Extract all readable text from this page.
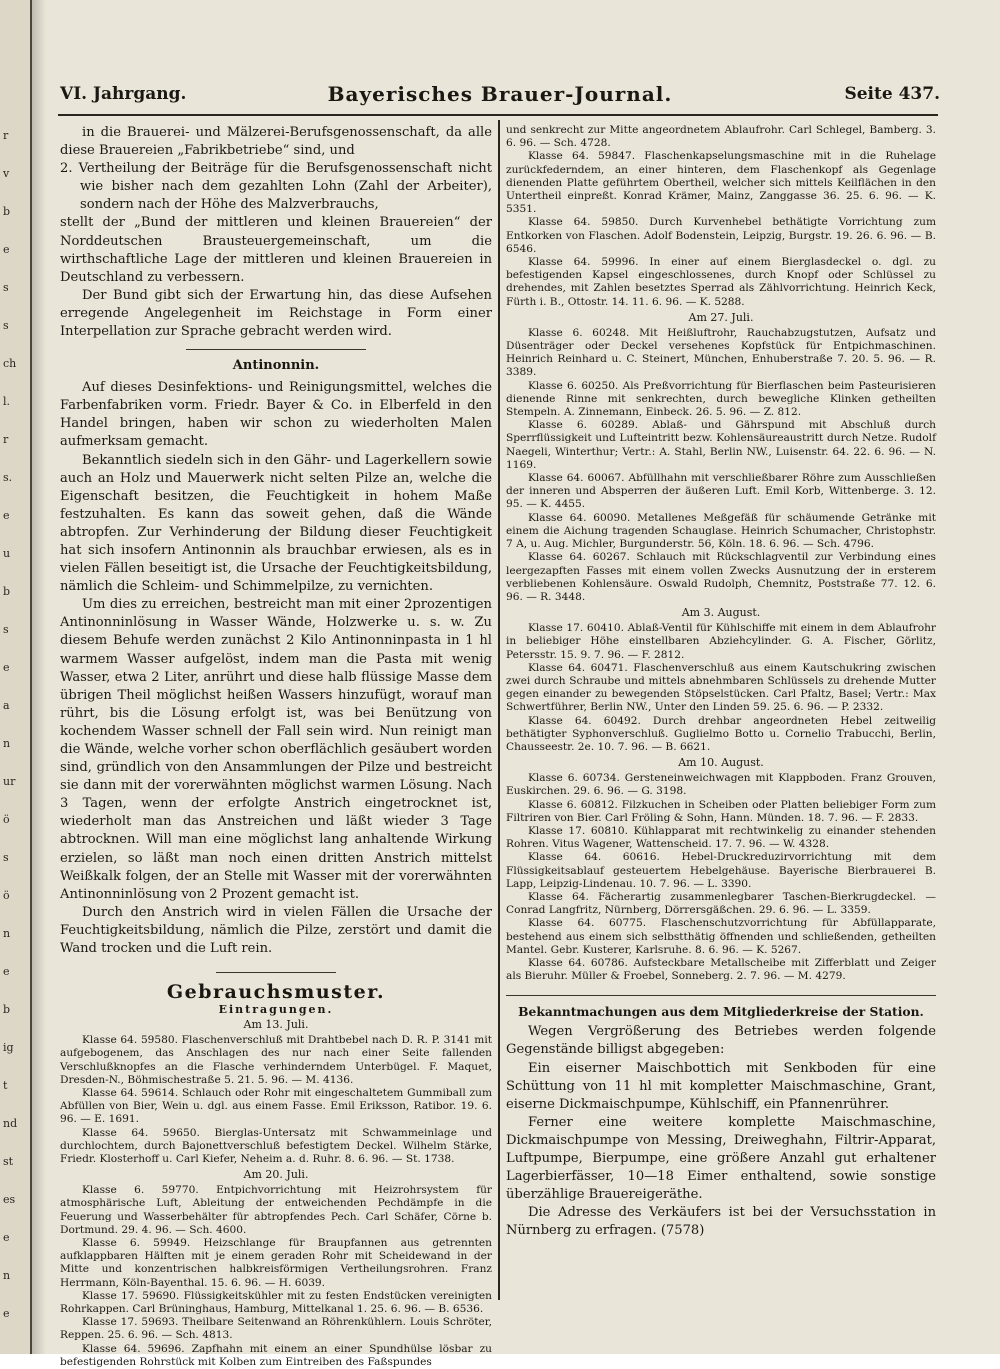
r
v
b
e
s
s
ch
l.
r
s.
e
u
b
s
e
a
n
ur
ö
s
ö
n
e
b
ig
t
nd
st
es
e
n
e
VI. Jahrgang.	Bayerisches Brauer-Journal.	Seite 437.

in die Brauerei- und Mälzerei-Berufsgenossenschaft, da alle diese Brauereien „Fabrikbetriebe“ sind, und

2. Vertheilung der Beiträge für die Berufsgenossenschaft nicht wie bisher nach dem gezahlten Lohn (Zahl der Arbeiter), sondern nach der Höhe des Malzverbrauchs,

stellt der „Bund der mittleren und kleinen Brauereien“ der Norddeutschen Brausteuergemeinschaft, um die wirthschaftliche Lage der mittleren und kleinen Brauereien in Deutschland zu verbessern.

Der Bund gibt sich der Erwartung hin, das diese Aufsehen erregende Angelegenheit im Reichstage in Form einer Interpellation zur Sprache gebracht werden wird.

Antinonnin.

Auf dieses Desinfektions- und Reinigungsmittel, welches die Farbenfabriken vorm. Friedr. Bayer & Co. in Elberfeld in den Handel bringen, haben wir schon zu wiederholten Malen aufmerksam gemacht.

Bekanntlich siedeln sich in den Gähr- und Lagerkellern sowie auch an Holz und Mauerwerk nicht selten Pilze an, welche die Eigenschaft besitzen, die Feuchtigkeit in hohem Maße festzuhalten. Es kann das soweit gehen, daß die Wände abtropfen. Zur Verhinderung der Bildung dieser Feuchtigkeit hat sich insofern Antinonnin als brauchbar erwiesen, als es in vielen Fällen beseitigt ist, die Ursache der Feuchtigkeitsbildung, nämlich die Schleim- und Schimmelpilze, zu vernichten.

Um dies zu erreichen, bestreicht man mit einer 2prozentigen Antinonninlösung in Wasser Wände, Holzwerke u. s. w. Zu diesem Behufe werden zunächst 2 Kilo Antinonninpasta in 1 hl warmem Wasser aufgelöst, indem man die Pasta mit wenig Wasser, etwa 2 Liter, anrührt und diese halb flüssige Masse dem übrigen Theil möglichst heißen Wassers hinzufügt, worauf man rührt, bis die Lösung erfolgt ist, was bei Benützung von kochendem Wasser schnell der Fall sein wird. Nun reinigt man die Wände, welche vorher schon oberflächlich gesäubert worden sind, gründlich von den Ansammlungen der Pilze und bestreicht sie dann mit der vorerwähnten möglichst warmen Lösung. Nach 3 Tagen, wenn der erfolgte Anstrich eingetrocknet ist, wiederholt man das Anstreichen und läßt wieder 3 Tage abtrocknen. Will man eine möglichst lang anhaltende Wirkung erzielen, so läßt man noch einen dritten Anstrich mittelst Weißkalk folgen, der an Stelle mit Wasser mit der vorerwähnten Antinonninlösung von 2 Prozent gemacht ist.

Durch den Anstrich wird in vielen Fällen die Ursache der Feuchtigkeitsbildung, nämlich die Pilze, zerstört und damit die Wand trocken und die Luft rein.

Gebrauchsmuster.

Eintragungen.

Am 13. Juli.

Klasse 64. 59580. Flaschenverschluß mit Drahtbebel nach D. R. P. 3141 mit aufgebogenem, das Anschlagen des nur nach einer Seite fallenden Verschlußknopfes an die Flasche verhinderndem Unterbügel. F. Maquet, Dresden-N., Böhmischestraße 5. 21. 5. 96. — M. 4136.

Klasse 64. 59614. Schlauch oder Rohr mit eingeschaltetem Gummiball zum Abfüllen von Bier, Wein u. dgl. aus einem Fasse. Emil Eriksson, Ratibor. 19. 6. 96. — E. 1691.

Klasse 64. 59650. Bierglas-Untersatz mit Schwammeinlage und durchlochtem, durch Bajonettverschluß befestigtem Deckel. Wilhelm Stärke, Friedr. Klosterhoff u. Carl Kiefer, Neheim a. d. Ruhr. 8. 6. 96. — St. 1738.

Am 20. Juli.

Klasse 6. 59770. Entpichvorrichtung mit Heizrohrsystem für atmosphärische Luft, Ableitung der entweichenden Pechdämpfe in die Feuerung und Wasserbehälter für abtropfendes Pech. Carl Schäfer, Cörne b. Dortmund. 29. 4. 96. — Sch. 4600.

Klasse 6. 59949. Heizschlange für Braupfannen aus getrennten aufklappbaren Hälften mit je einem geraden Rohr mit Scheidewand in der Mitte und konzentrischen halbkreisförmigen Vertheilungsrohren. Franz Herrmann, Köln-Bayenthal. 15. 6. 96. — H. 6039.

Klasse 17. 59690. Flüssigkeitskühler mit zu festen Endstücken vereinigten Rohrkappen. Carl Brüninghaus, Hamburg, Mittelkanal 1. 25. 6. 96. — B. 6536.

Klasse 17. 59693. Theilbare Seitenwand an Röhrenkühlern. Louis Schröter, Reppen. 25. 6. 96. — Sch. 4813.

Klasse 64. 59696. Zapfhahn mit einem an einer Spundhülse lösbar zu befestigenden Rohrstück mit Kolben zum Eintreiben des Faßspundes

und senkrecht zur Mitte angeordnetem Ablaufrohr. Carl Schlegel, Bamberg. 3. 6. 96. — Sch. 4728.

Klasse 64. 59847. Flaschenkapselungsmaschine mit in die Ruhelage zurückfederndem, an einer hinteren, dem Flaschenkopf als Gegenlage dienenden Platte geführtem Obertheil, welcher sich mittels Keilflächen in den Untertheil einpreßt. Konrad Krämer, Mainz, Zanggasse 36. 25. 6. 96. — K. 5351.

Klasse 64. 59850. Durch Kurvenhebel bethätigte Vorrichtung zum Entkorken von Flaschen. Adolf Bodenstein, Leipzig, Burgstr. 19. 26. 6. 96. — B. 6546.

Klasse 64. 59996. In einer auf einem Bierglasdeckel o. dgl. zu befestigenden Kapsel eingeschlossenes, durch Knopf oder Schlüssel zu drehendes, mit Zahlen besetztes Sperrad als Zählvorrichtung. Heinrich Keck, Fürth i. B., Ottostr. 14. 11. 6. 96. — K. 5288.

Am 27. Juli.

Klasse 6. 60248. Mit Heißluftrohr, Rauchabzugstutzen, Aufsatz und Düsenträger oder Deckel versehenes Kopfstück für Entpichmaschinen. Heinrich Reinhard u. C. Steinert, München, Enhuberstraße 7. 20. 5. 96. — R. 3389.

Klasse 6. 60250. Als Preßvorrichtung für Bierflaschen beim Pasteurisieren dienende Rinne mit senkrechten, durch bewegliche Klinken getheilten Stempeln. A. Zinnemann, Einbeck. 26. 5. 96. — Z. 812.

Klasse 6. 60289. Ablaß- und Gährspund mit Abschluß durch Sperrflüssigkeit und Lufteintritt bezw. Kohlensäureaustritt durch Netze. Rudolf Naegeli, Winterthur; Vertr.: A. Stahl, Berlin NW., Luisenstr. 64. 22. 6. 96. — N. 1169.

Klasse 64. 60067. Abfüllhahn mit verschließbarer Röhre zum Ausschließen der inneren und Absperren der äußeren Luft. Emil Korb, Wittenberge. 3. 12. 95. — K. 4455.

Klasse 64. 60090. Metallenes Meßgefäß für schäumende Getränke mit einem die Aichung tragenden Schauglase. Heinrich Schumacher, Christophstr. 7 A, u. Aug. Michler, Burgunderstr. 56, Köln. 18. 6. 96. — Sch. 4796.

Klasse 64. 60267. Schlauch mit Rückschlagventil zur Verbindung eines leergezapften Fasses mit einem vollen Zwecks Ausnutzung der in ersterem verbliebenen Kohlensäure. Oswald Rudolph, Chemnitz, Poststraße 77. 12. 6. 96. — R. 3448.

Am 3. August.

Klasse 17. 60410. Ablaß-Ventil für Kühlschiffe mit einem in dem Ablaufrohr in beliebiger Höhe einstellbaren Abziehcylinder. G. A. Fischer, Görlitz, Petersstr. 15. 9. 7. 96. — F. 2812.

Klasse 64. 60471. Flaschenverschluß aus einem Kautschukring zwischen zwei durch Schraube und mittels abnehmbaren Schlüssels zu drehende Mutter gegen einander zu bewegenden Stöpselstücken. Carl Pfaltz, Basel; Vertr.: Max Schwertführer, Berlin NW., Unter den Linden 59. 25. 6. 96. — P. 2332.

Klasse 64. 60492. Durch drehbar angeordneten Hebel zeitweilig bethätigter Syphonverschluß. Guglielmo Botto u. Cornelio Trabucchi, Berlin, Chausseestr. 2e. 10. 7. 96. — B. 6621.

Am 10. August.

Klasse 6. 60734. Gersteneinweichwagen mit Klappboden. Franz Grouven, Euskirchen. 29. 6. 96. — G. 3198.

Klasse 6. 60812. Filzkuchen in Scheiben oder Platten beliebiger Form zum Filtriren von Bier. Carl Fröling & Sohn, Hann. Münden. 18. 7. 96. — F. 2833.

Klasse 17. 60810. Kühlapparat mit rechtwinkelig zu einander stehenden Rohren. Vitus Wagener, Wattenscheid. 17. 7. 96. — W. 4328.

Klasse 64. 60616. Hebel-Druckreduzirvorrichtung mit dem Flüssigkeitsablauf gesteuertem Hebelgehäuse. Bayerische Bierbrauerei B. Lapp, Leipzig-Lindenau. 10. 7. 96. — L. 3390.

Klasse 64. Fächerartig zusammenlegbarer Taschen-Bierkrugdeckel. — Conrad Langfritz, Nürnberg, Dörrersgäßchen. 29. 6. 96. — L. 3359.

Klasse 64. 60775. Flaschenschutzvorrichtung für Abfüllapparate, bestehend aus einem sich selbstthätig öffnenden und schließenden, getheilten Mantel. Gebr. Kusterer, Karlsruhe. 8. 6. 96. — K. 5267.

Klasse 64. 60786. Aufsteckbare Metallscheibe mit Zifferblatt und Zeiger als Bieruhr. Müller & Froebel, Sonneberg. 2. 7. 96. — M. 4279.

Bekanntmachungen aus dem Mitgliederkreise der Station.

Wegen Vergrößerung des Betriebes werden folgende Gegenstände billigst abgegeben:

Ein eiserner Maischbottich mit Senkboden für eine Schüttung von 11 hl mit kompletter Maischmaschine, Grant, eiserne Dickmaischpumpe, Kühlschiff, ein Pfannenrührer.

Ferner eine weitere komplette Maischmaschine, Dickmaischpumpe von Messing, Dreiweghahn, Filtrir-Apparat, Luftpumpe, Bierpumpe, eine größere Anzahl gut erhaltener Lagerbierfässer, 10—18 Eimer enthaltend, sowie sonstige überzählige Brauereigeräthe.

Die Adresse des Verkäufers ist bei der Versuchsstation in Nürnberg zu erfragen. (7578)
